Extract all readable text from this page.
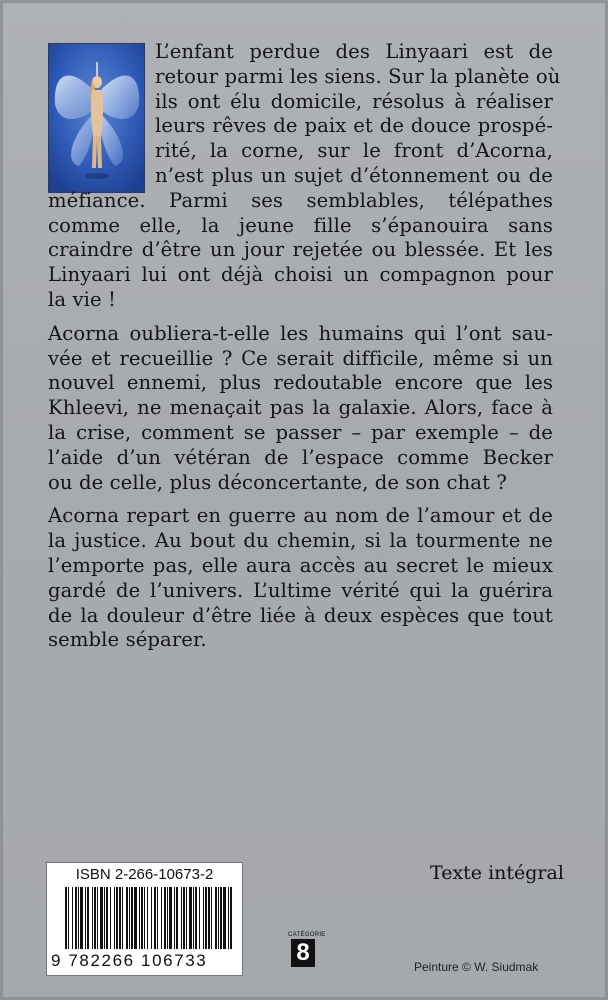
L’enfant perdue des Linyaari est de
retour parmi les siens. Sur la planète où
ils ont élu domicile, résolus à réaliser
leurs rêves de paix et de douce prospé-
rité, la corne, sur le front d’Acorna,
n’est plus un sujet d’étonnement ou de
méfiance. Parmi ses semblables, télépathes
comme elle, la jeune fille s’épanouira sans
craindre d’être un jour rejetée ou blessée. Et les
Linyaari lui ont déjà choisi un compagnon pour
la vie !

Acorna oubliera-t-elle les humains qui l’ont sau-
vée et recueillie ? Ce serait difficile, même si un
nouvel ennemi, plus redoutable encore que les
Khleevi, ne menaçait pas la galaxie. Alors, face à
la crise, comment se passer – par exemple – de
l’aide d’un vétéran de l’espace comme Becker
ou de celle, plus déconcertante, de son chat ?

Acorna repart en guerre au nom de l’amour et de
la justice. Au bout du chemin, si la tourmente ne
l’emporte pas, elle aura accès au secret le mieux
gardé de l’univers. L’ultime vérité qui la guérira
de la douleur d’être liée à deux espèces que tout
semble séparer.

ISBN 2-266-10673-2
9 782266 106733
CATÉGORIE
8
Texte intégral
Peinture © W. Siudmak
